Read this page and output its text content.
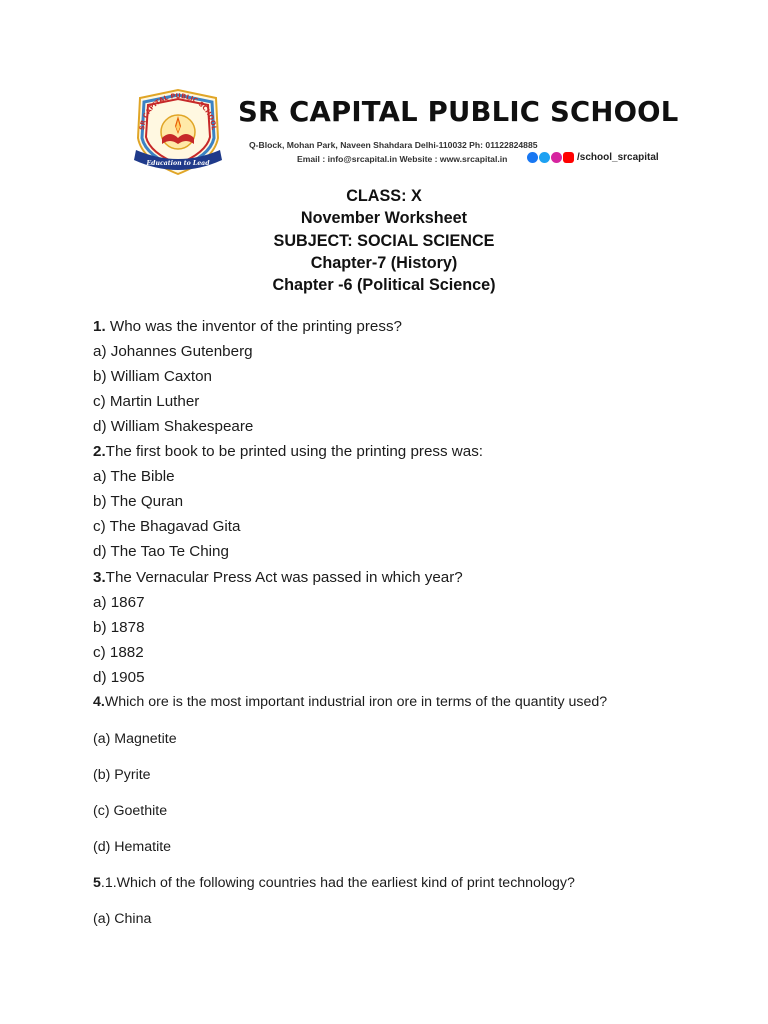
SR CAPITAL PUBLIC SCHOOL
Education to Lead
SR CAPITAL PUBLIC SCHOOL
Q-Block, Mohan Park, Naveen Shahdara Delhi-110032 Ph: 01122824885
Email : info@srcapital.in Website : www.srcapital.in	/school_srcapital
CLASS: X
November Worksheet
SUBJECT: SOCIAL SCIENCE
Chapter-7 (History)
Chapter -6 (Political Science)
1. Who was the inventor of the printing press?
a) Johannes Gutenberg
b) William Caxton
c) Martin Luther
d) William Shakespeare
2.The first book to be printed using the printing press was:
a) The Bible
b) The Quran
c) The Bhagavad Gita
d) The Tao Te Ching
3.The Vernacular Press Act was passed in which year?
a) 1867
b) 1878
c) 1882
d) 1905
4.Which ore is the most important industrial iron ore in terms of the quantity used?
(a) Magnetite
(b) Pyrite
(c) Goethite
(d) Hematite
5.1.Which of the following countries had the earliest kind of print technology?
(a) China
